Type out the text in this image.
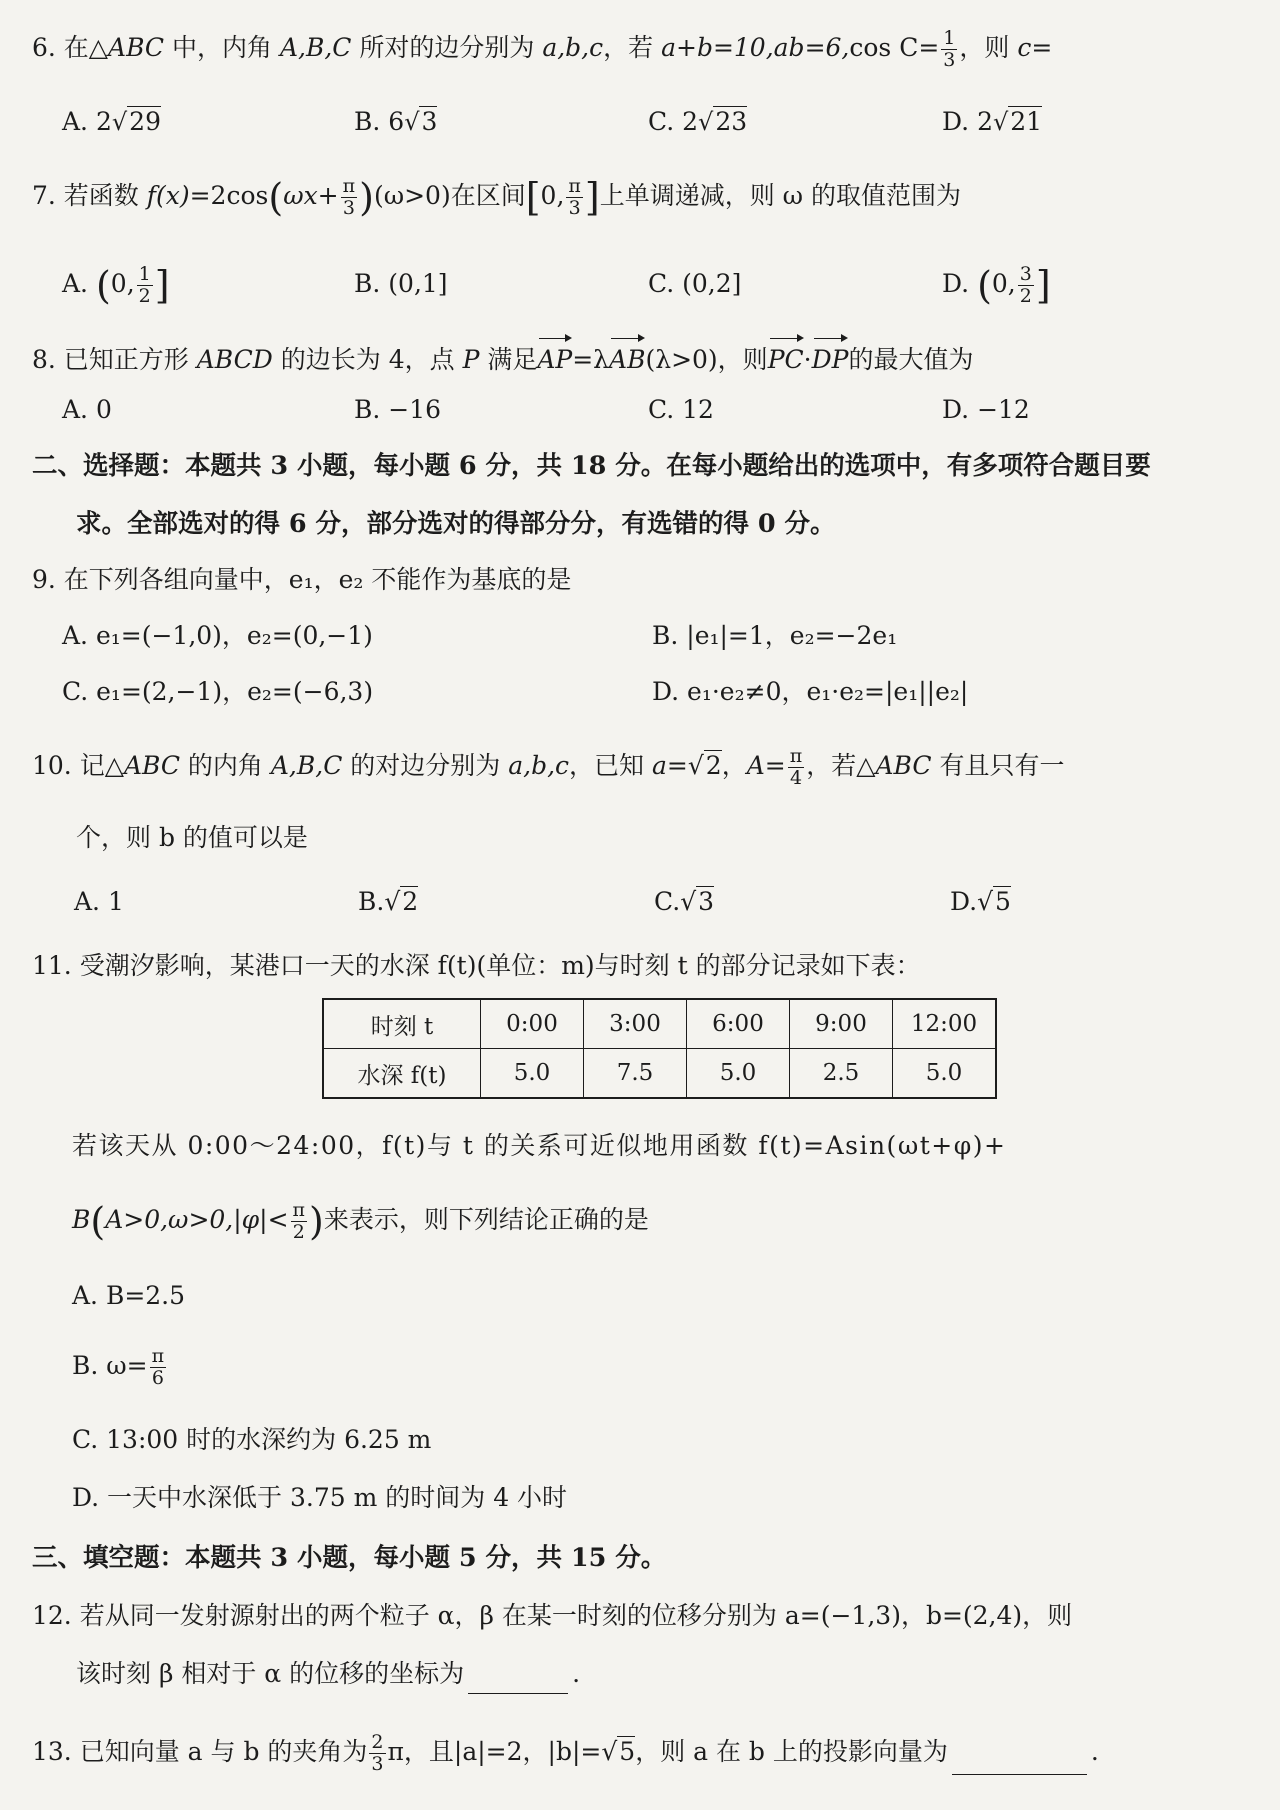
6. 在△ABC 中，内角 A,B,C 所对的边分别为 a,b,c，若 a+b=10,ab=6,cos $C= \frac{1}{3}$ ，则 c=
A. 2√29	B. 6√3	C. 2√23	D. 2√21
7. 若函数 $f(x)=2\cos(\omega x+ \frac{\pi}{3} )(\omega>0)$在区间[0, $\frac{\pi}{3}$ ]上单调递减，则 ω 的取值范围为
A. (0, $\frac{1}{2}$ ]	B. (0,1]	C. (0,2]	D. (0, $\frac{3}{2}$ ]
8. 已知正方形 ABCD 的边长为 4，点 P 满足AP=λAB(λ>0)，则PC·DP的最大值为
A. 0	B. −16	C. 12	D. −12
二、选择题：本题共 3 小题，每小题 6 分，共 18 分。在每小题给出的选项中，有多项符合题目要
求。全部选对的得 6 分，部分选对的得部分分，有选错的得 0 分。
9. 在下列各组向量中，e₁，e₂ 不能作为基底的是
A. e₁=(−1,0)，e₂=(0,−1)	B. |e₁|=1，e₂=−2e₁
C. e₁=(2,−1)，e₂=(−6,3)	D. e₁·e₂≠0，e₁·e₂=|e₁||e₂|
10. 记△ABC 的内角 A,B,C 的对边分别为 a,b,c，已知 a=√2，$A= \frac{\pi}{4}$ ，若△ABC 有且只有一
个，则 b 的值可以是
A. 1	B.√2	C.√3	D.√5
11. 受潮汐影响，某港口一天的水深 f(t)(单位：m)与时刻 t 的部分记录如下表：
时刻 t	0:00	3:00	6:00	9:00	12:00
水深 f(t)	5.0	7.5	5.0	2.5	5.0
若该天从 0:00～24:00，f(t)与 t 的关系可近似地用函数 f(t)=Asin(ωt+φ)+
$B(A>0,\omega>0,|\varphi|< \frac{\pi}{2}$ )来表示，则下列结论正确的是
A. B=2.5
B. $\omega= \frac{\pi}{6}$
C. 13:00 时的水深约为 6.25 m
D. 一天中水深低于 3.75 m 的时间为 4 小时
三、填空题：本题共 3 小题，每小题 5 分，共 15 分。
12. 若从同一发射源射出的两个粒子 α，β 在某一时刻的位移分别为 a=(−1,3)，b=(2,4)，则
该时刻 β 相对于 α 的位移的坐标为	.
13. 已知向量 a 与 b 的夹角为 $\frac{2}{3}$ π，且|a|=2，|b|=√5，则 a 在 b 上的投影向量为	.
